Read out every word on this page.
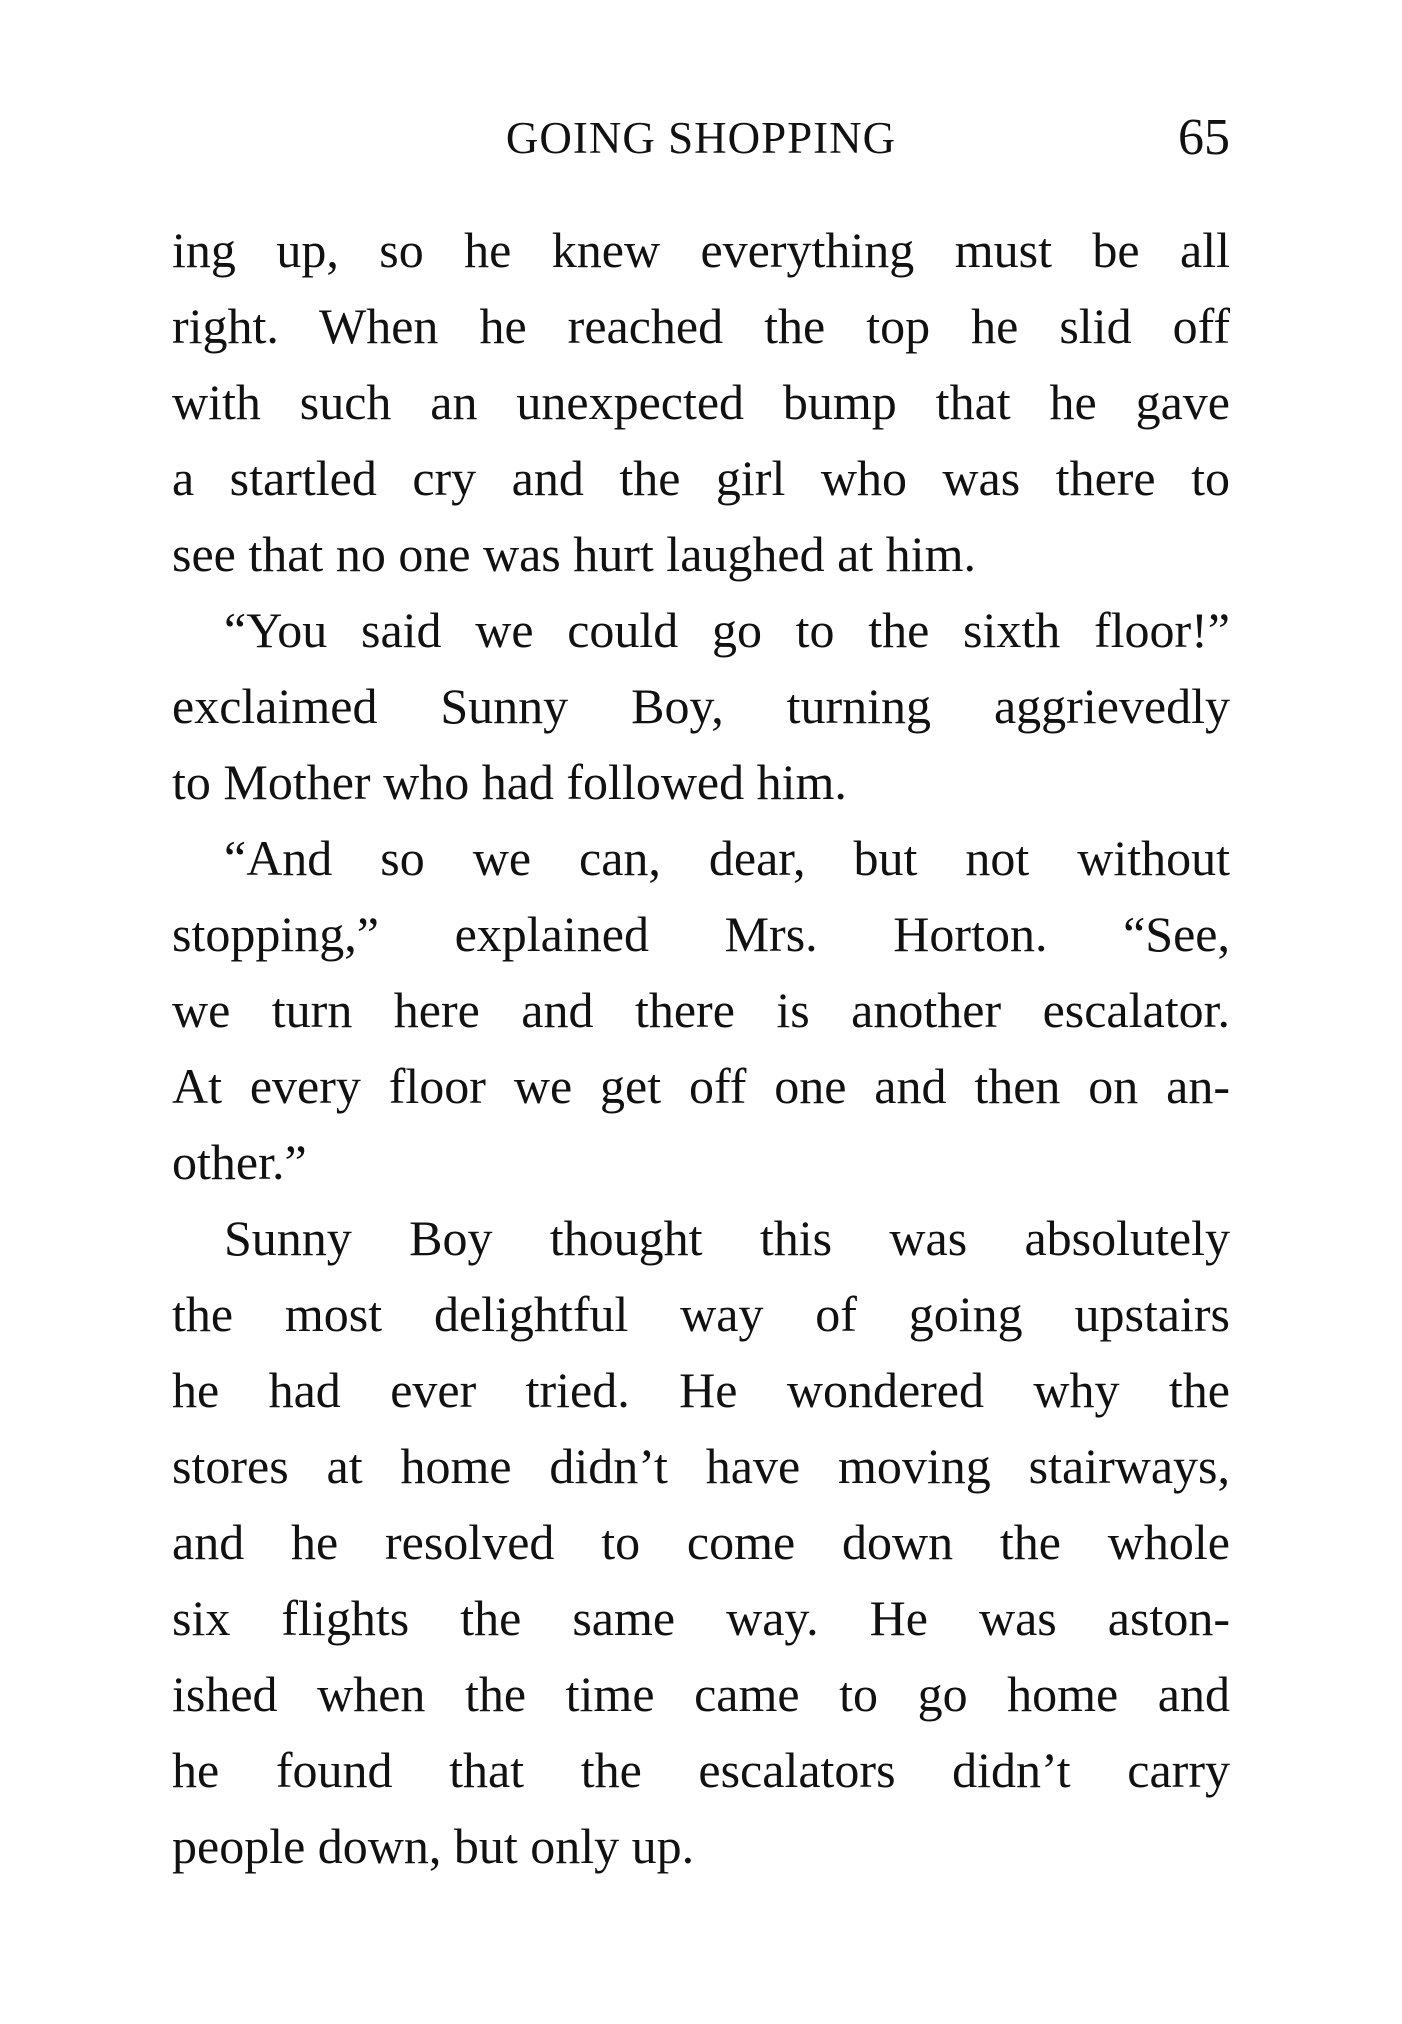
GOING SHOPPING	65
ing up, so he knew everything must be all
right. When he reached the top he slid off
with such an unexpected bump that he gave
a startled cry and the girl who was there to
see that no one was hurt laughed at him.
“You said we could go to the sixth floor!”
exclaimed Sunny Boy, turning aggrievedly
to Mother who had followed him.
“And so we can, dear, but not without
stopping,” explained Mrs. Horton. “See,
we turn here and there is another escalator.
At every floor we get off one and then on an-
other.”
Sunny Boy thought this was absolutely
the most delightful way of going upstairs
he had ever tried. He wondered why the
stores at home didn’t have moving stairways,
and he resolved to come down the whole
six flights the same way. He was aston-
ished when the time came to go home and
he found that the escalators didn’t carry
people down, but only up.
